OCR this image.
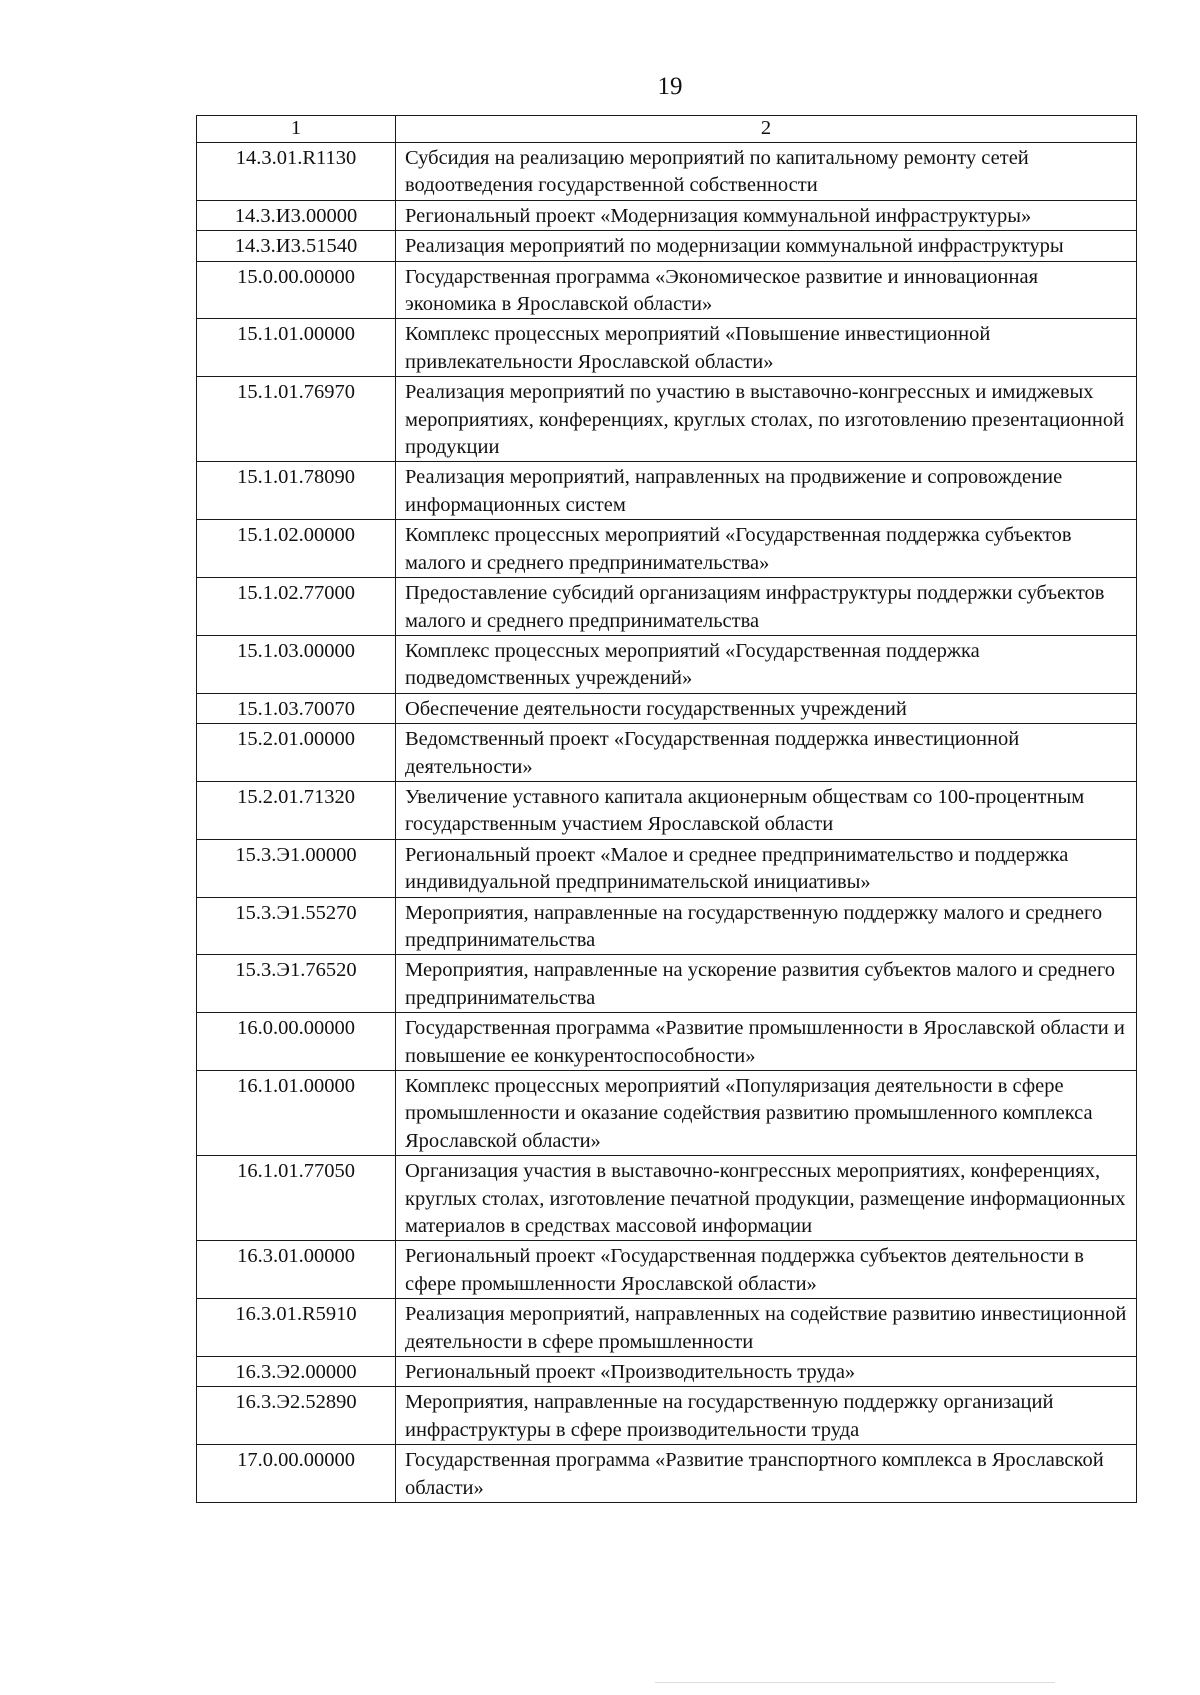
19
1	2
14.3.01.R1130	Субсидия на реализацию мероприятий по капитальному ремонту сетей водоотведения государственной собственности
14.3.И3.00000	Региональный проект «Модернизация коммунальной инфраструктуры»
14.3.И3.51540	Реализация мероприятий по модернизации коммунальной инфраструктуры
15.0.00.00000	Государственная программа «Экономическое развитие и инновационная экономика в Ярославской области»
15.1.01.00000	Комплекс процессных мероприятий «Повышение инвестиционной привлекательности Ярославской области»
15.1.01.76970	Реализация мероприятий по участию в выставочно-конгрессных и имиджевых мероприятиях, конференциях, круглых столах, по изготовлению презентационной продукции
15.1.01.78090	Реализация мероприятий, направленных на продвижение и сопровождение информационных систем
15.1.02.00000	Комплекс процессных мероприятий «Государственная поддержка субъектов малого и среднего предпринимательства»
15.1.02.77000	Предоставление субсидий организациям инфраструктуры поддержки субъектов малого и среднего предпринимательства
15.1.03.00000	Комплекс процессных мероприятий «Государственная поддержка подведомственных учреждений»
15.1.03.70070	Обеспечение деятельности государственных учреждений
15.2.01.00000	Ведомственный проект «Государственная поддержка инвестиционной деятельности»
15.2.01.71320	Увеличение уставного капитала акционерным обществам со 100-процентным государственным участием Ярославской области
15.3.Э1.00000	Региональный проект «Малое и среднее предпринимательство и поддержка индивидуальной предпринимательской инициативы»
15.3.Э1.55270	Мероприятия, направленные на государственную поддержку малого и среднего предпринимательства
15.3.Э1.76520	Мероприятия, направленные на ускорение развития субъектов малого и среднего предпринимательства
16.0.00.00000	Государственная программа «Развитие промышленности в Ярославской области и повышение ее конкурентоспособности»
16.1.01.00000	Комплекс процессных мероприятий «Популяризация деятельности в сфере промышленности и оказание содействия развитию промышленного комплекса Ярославской области»
16.1.01.77050	Организация участия в выставочно-конгрессных мероприятиях, конференциях, круглых столах, изготовление печатной продукции, размещение информационных материалов в средствах массовой информации
16.3.01.00000	Региональный проект «Государственная поддержка субъектов деятельности в сфере промышленности Ярославской области»
16.3.01.R5910	Реализация мероприятий, направленных на содействие развитию инвестиционной деятельности в сфере промышленности
16.3.Э2.00000	Региональный проект «Производительность труда»
16.3.Э2.52890	Мероприятия, направленные на государственную поддержку организаций инфраструктуры в сфере производительности труда
17.0.00.00000	Государственная программа «Развитие транспортного комплекса в Ярославской области»
